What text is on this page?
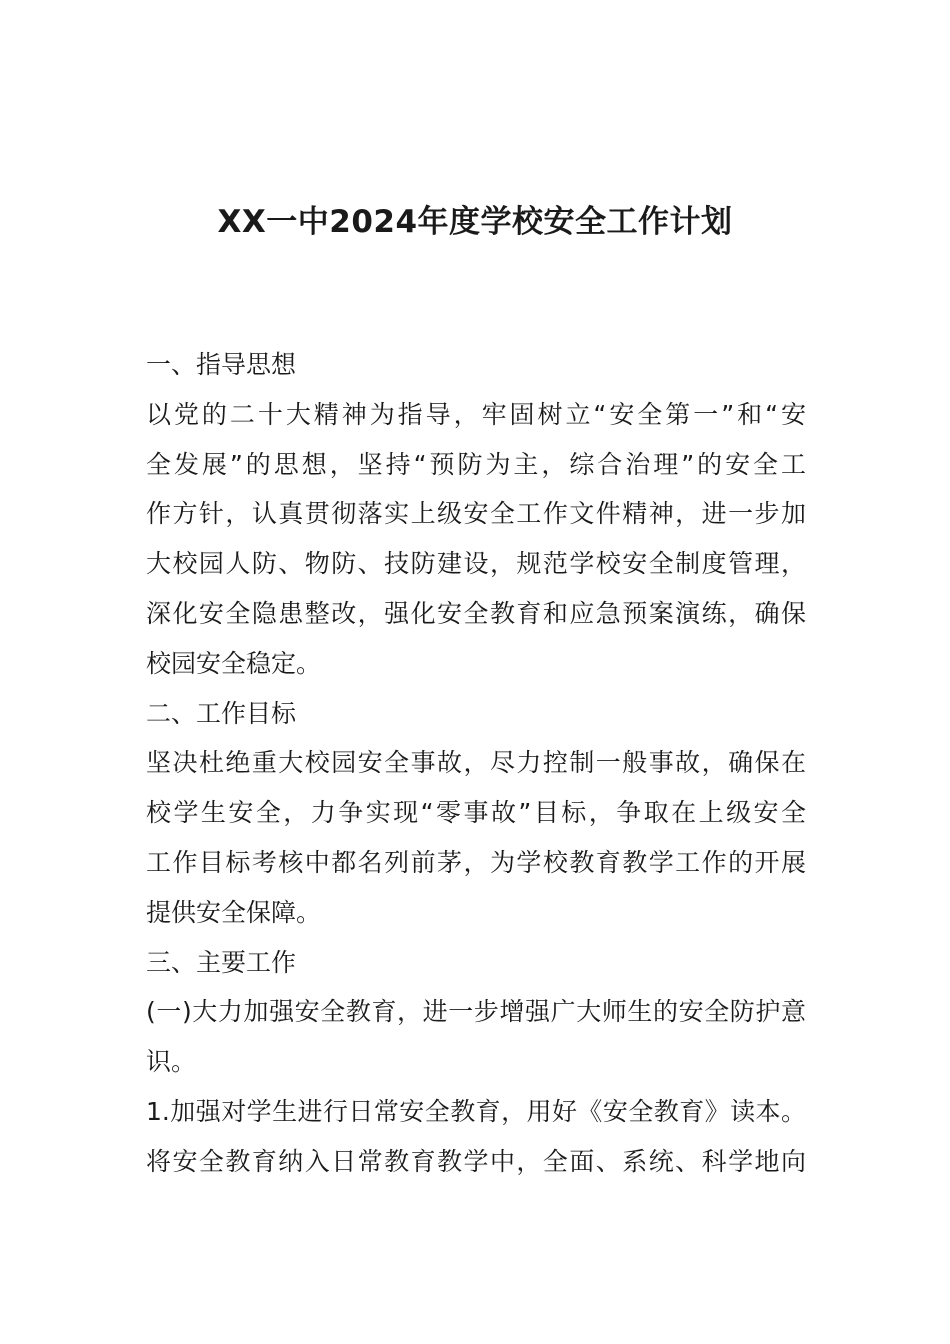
XX一中2024年度学校安全工作计划
一、指导思想
以党的二十大精神为指导，牢固树立“安全第一”和“安
全发展”的思想，坚持“预防为主，综合治理”的安全工
作方针，认真贯彻落实上级安全工作文件精神，进一步加
大校园人防、物防、技防建设，规范学校安全制度管理，
深化安全隐患整改，强化安全教育和应急预案演练，确保
校园安全稳定。
二、工作目标
坚决杜绝重大校园安全事故，尽力控制一般事故，确保在
校学生安全，力争实现“零事故”目标，争取在上级安全
工作目标考核中都名列前茅，为学校教育教学工作的开展
提供安全保障。
三、主要工作
(一)大力加强安全教育，进一步增强广大师生的安全防护意
识。
1.加强对学生进行日常安全教育，用好《安全教育》读本。
将安全教育纳入日常教育教学中，全面、系统、科学地向
